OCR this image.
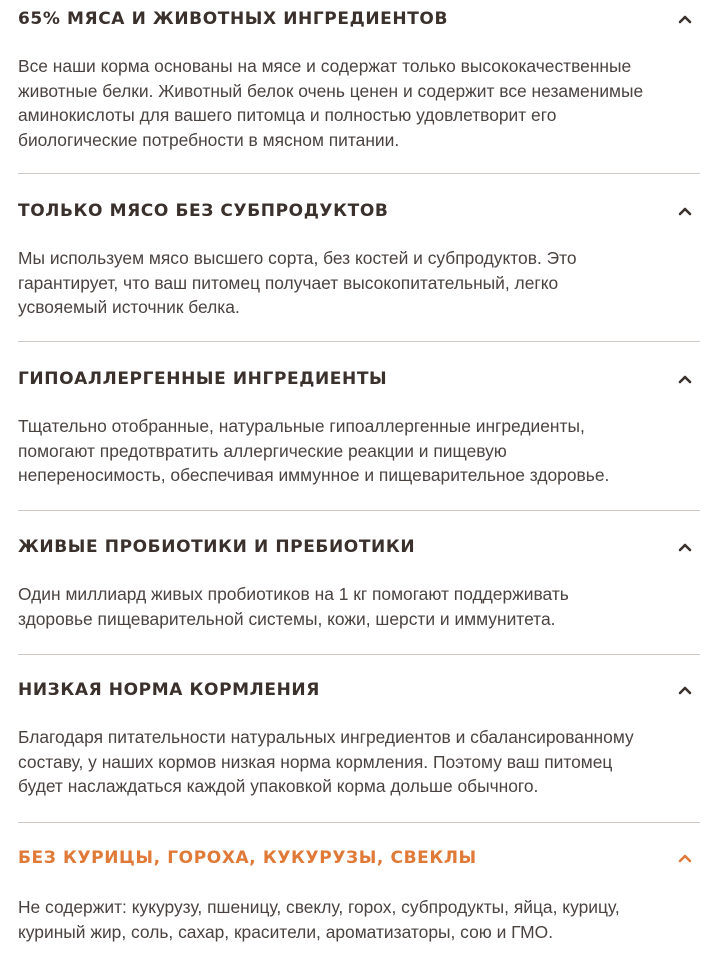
65% МЯСА И ЖИВОТНЫХ ИНГРЕДИЕНТОВ
Все наши корма основаны на мясе и содержат только высококачественные
животные белки. Животный белок очень ценен и содержит все незаменимые
аминокислоты для вашего питомца и полностью удовлетворит его
биологические потребности в мясном питании.
ТОЛЬКО МЯСО БЕЗ СУБПРОДУКТОВ
Мы используем мясо высшего сорта, без костей и субпродуктов. Это
гарантирует, что ваш питомец получает высокопитательный, легко
усвояемый источник белка.
ГИПОАЛЛЕРГЕННЫЕ ИНГРЕДИЕНТЫ
Тщательно отобранные, натуральные гипоаллергенные ингредиенты,
помогают предотвратить аллергические реакции и пищевую
непереносимость, обеспечивая иммунное и пищеварительное здоровье.
ЖИВЫЕ ПРОБИОТИКИ И ПРЕБИОТИКИ
Один миллиард живых пробиотиков на 1 кг помогают поддерживать
здоровье пищеварительной системы, кожи, шерсти и иммунитета.
НИЗКАЯ НОРМА КОРМЛЕНИЯ
Благодаря питательности натуральных ингредиентов и сбалансированному
составу, у наших кормов низкая норма кормления. Поэтому ваш питомец
будет наслаждаться каждой упаковкой корма дольше обычного.
БЕЗ КУРИЦЫ, ГОРОХА, КУКУРУЗЫ, СВЕКЛЫ
Не содержит: кукурузу, пшеницу, свеклу, горох, субпродукты, яйца, курицу,
куриный жир, соль, сахар, красители, ароматизаторы, сою и ГМО.
